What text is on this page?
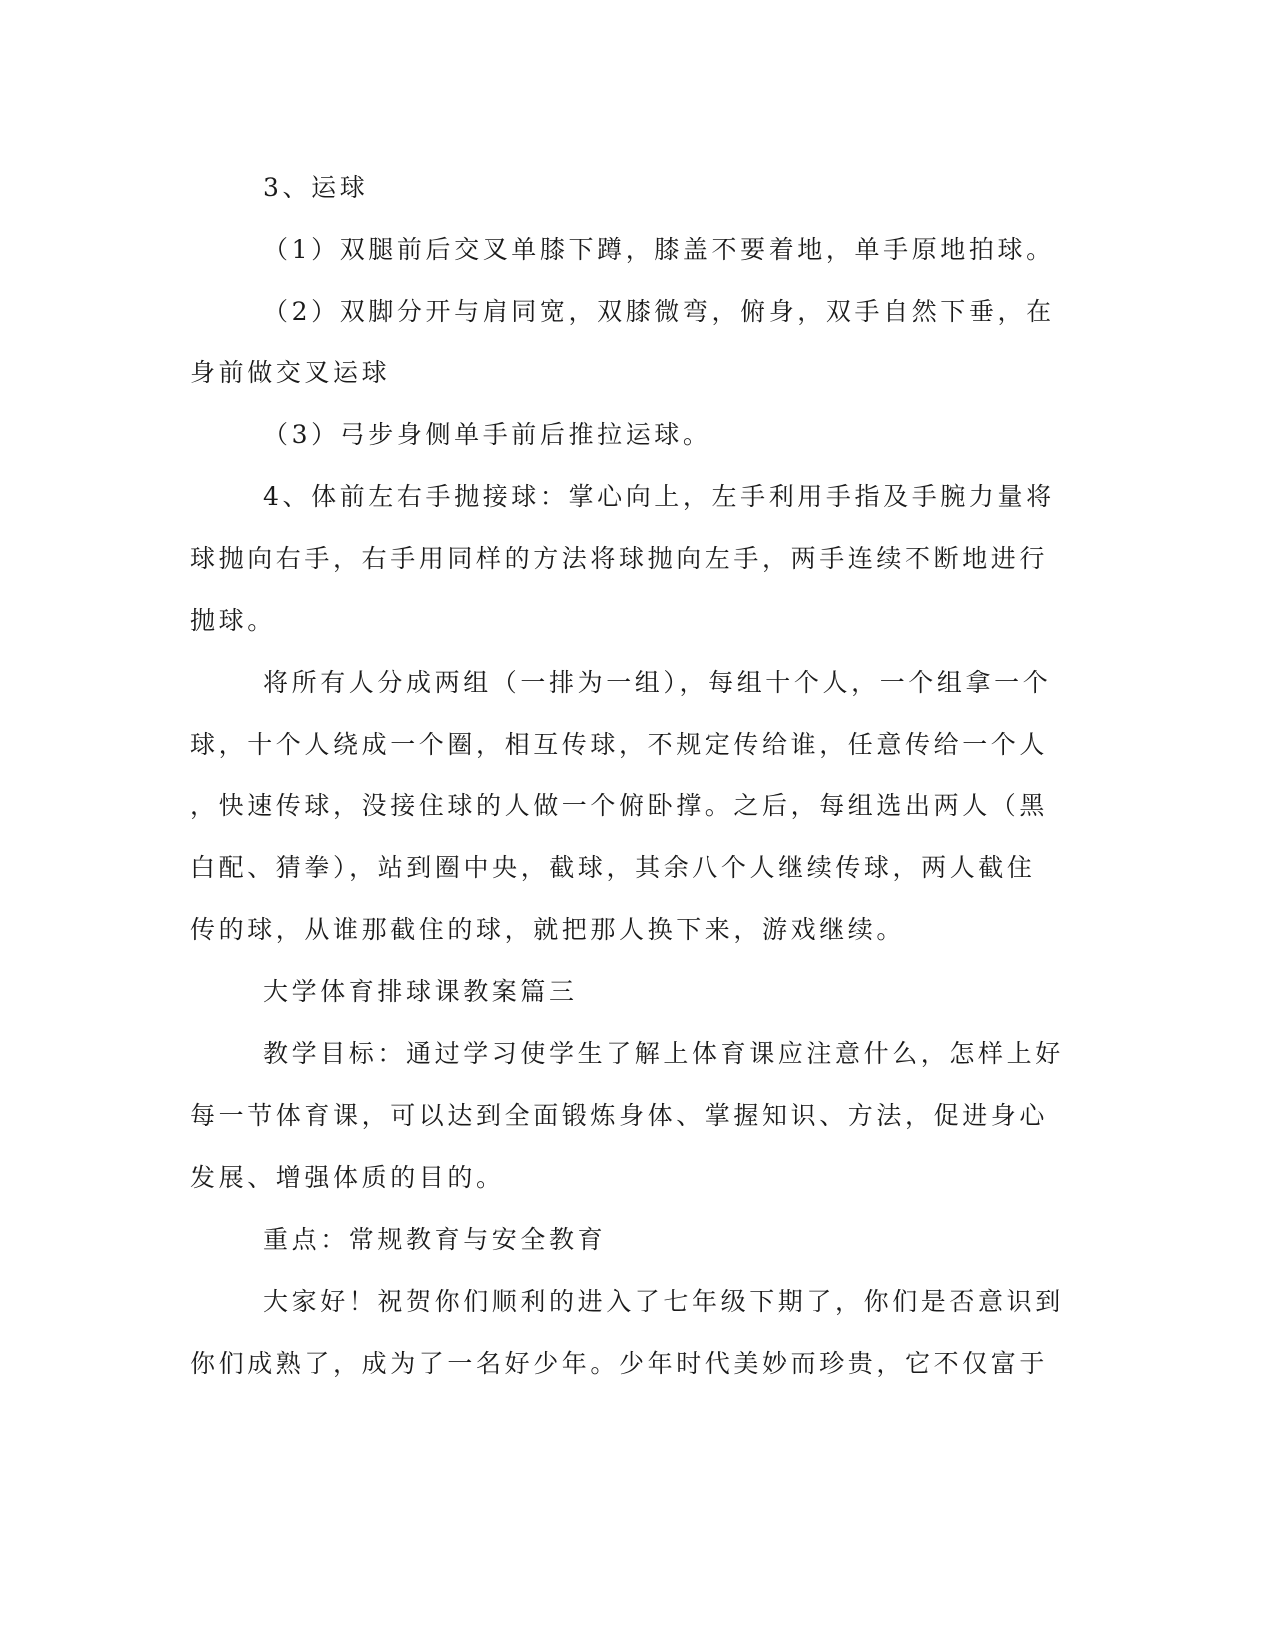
3、运球
（1）双腿前后交叉单膝下蹲，膝盖不要着地，单手原地拍球。
（2）双脚分开与肩同宽，双膝微弯，俯身，双手自然下垂，在
身前做交叉运球
（3）弓步身侧单手前后推拉运球。
4、体前左右手抛接球：掌心向上，左手利用手指及手腕力量将
球抛向右手，右手用同样的方法将球抛向左手，两手连续不断地进行
抛球。
将所有人分成两组（一排为一组），每组十个人，一个组拿一个
球，十个人绕成一个圈，相互传球，不规定传给谁，任意传给一个人
，快速传球，没接住球的人做一个俯卧撑。之后，每组选出两人（黑
白配、猜拳），站到圈中央，截球，其余八个人继续传球，两人截住
传的球，从谁那截住的球，就把那人换下来，游戏继续。
大学体育排球课教案篇三
教学目标：通过学习使学生了解上体育课应注意什么，怎样上好
每一节体育课，可以达到全面锻炼身体、掌握知识、方法，促进身心
发展、增强体质的目的。
重点：常规教育与安全教育
大家好！祝贺你们顺利的进入了七年级下期了，你们是否意识到
你们成熟了，成为了一名好少年。少年时代美妙而珍贵，它不仅富于
